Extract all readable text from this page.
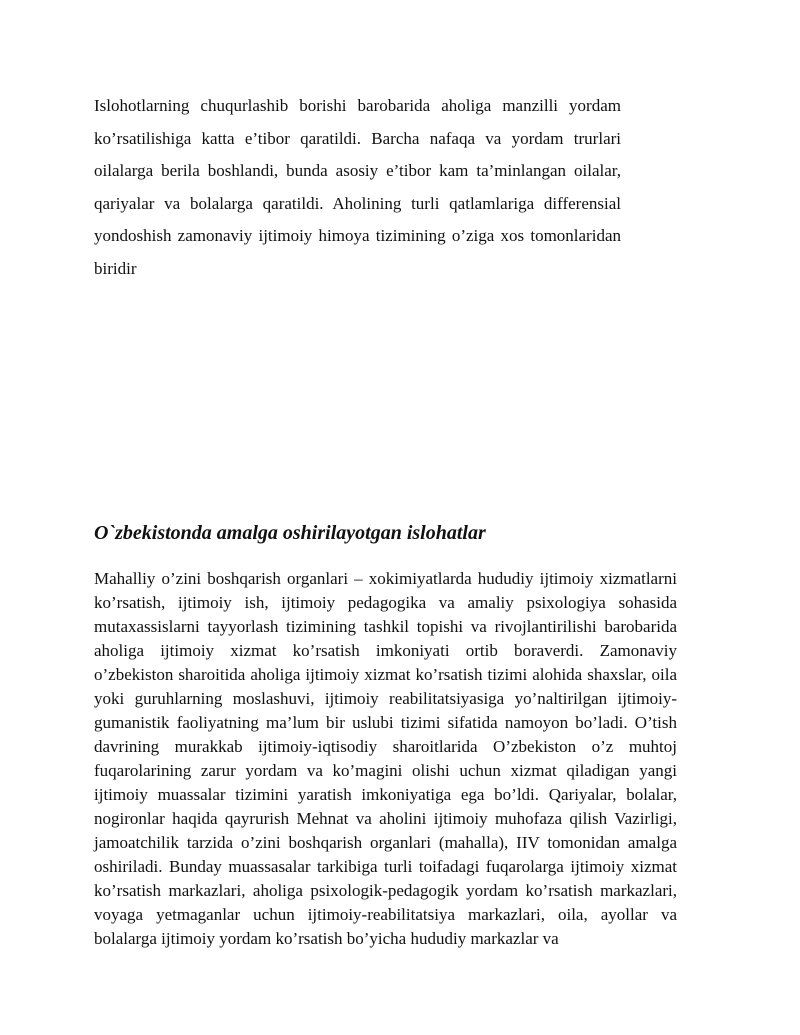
Islohotlarning chuqurlashib borishi barobarida aholiga manzilli yordam ko’rsatilishiga katta e’tibor qaratildi. Barcha nafaqa va yordam trurlari oilalarga berila boshlandi, bunda asosiy e’tibor kam ta’minlangan oilalar, qariyalar va bolalarga qaratildi. Aholining turli qatlamlariga differensial yondoshish zamonaviy ijtimoiy himoya tizimining o’ziga xos tomonlaridan biridir

O`zbekistonda amalga oshirilayotgan islohatlar

Mahalliy o’zini boshqarish organlari – xokimiyatlarda hududiy ijtimoiy xizmatlarni ko’rsatish, ijtimoiy ish, ijtimoiy pedagogika va amaliy psixologiya sohasida mutaxassislarni tayyorlash tizimining tashkil topishi va rivojlantirilishi barobarida aholiga ijtimoiy xizmat ko’rsatish imkoniyati ortib boraverdi. Zamonaviy o’zbekiston sharoitida aholiga ijtimoiy xizmat ko’rsatish tizimi alohida shaxslar, oila yoki guruhlarning moslashuvi, ijtimoiy reabilitatsiyasiga yo’naltirilgan ijtimoiy-gumanistik faoliyatning ma’lum bir uslubi tizimi sifatida namoyon bo’ladi. O’tish davrining murakkab ijtimoiy-iqtisodiy sharoitlarida O’zbekiston o’z muhtoj fuqarolarining zarur yordam va ko’magini olishi uchun xizmat qiladigan yangi ijtimoiy muassalar tizimini yaratish imkoniyatiga ega bo’ldi. Qariyalar, bolalar, nogironlar haqida qayrurish Mehnat va aholini ijtimoiy muhofaza qilish Vazirligi, jamoatchilik tarzida o’zini boshqarish organlari (mahalla), IIV tomonidan amalga oshiriladi. Bunday muassasalar tarkibiga turli toifadagi fuqarolarga ijtimoiy xizmat ko’rsatish markazlari, aholiga psixologik-pedagogik yordam ko’rsatish markazlari, voyaga yetmaganlar uchun ijtimoiy-reabilitatsiya markazlari, oila, ayollar va bolalarga ijtimoiy yordam ko’rsatish bo’yicha hududiy markazlar va
